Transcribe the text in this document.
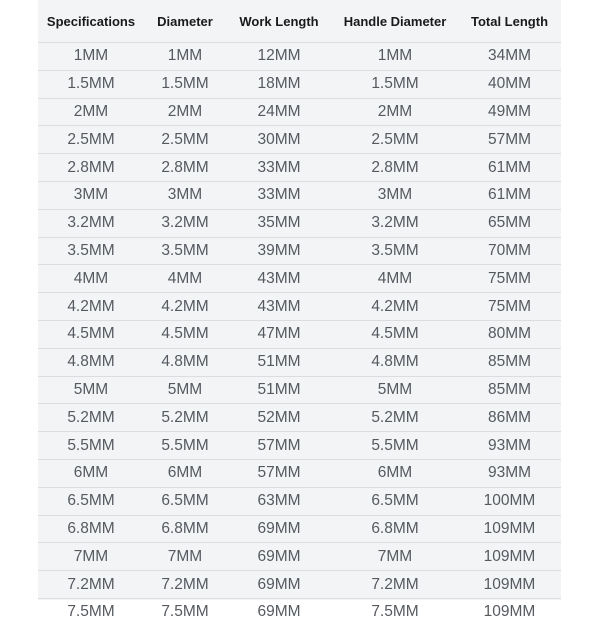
Specifications	Diameter	Work Length	Handle Diameter	Total Length
1MM	1MM	12MM	1MM	34MM
1.5MM	1.5MM	18MM	1.5MM	40MM
2MM	2MM	24MM	2MM	49MM
2.5MM	2.5MM	30MM	2.5MM	57MM
2.8MM	2.8MM	33MM	2.8MM	61MM
3MM	3MM	33MM	3MM	61MM
3.2MM	3.2MM	35MM	3.2MM	65MM
3.5MM	3.5MM	39MM	3.5MM	70MM
4MM	4MM	43MM	4MM	75MM
4.2MM	4.2MM	43MM	4.2MM	75MM
4.5MM	4.5MM	47MM	4.5MM	80MM
4.8MM	4.8MM	51MM	4.8MM	85MM
5MM	5MM	51MM	5MM	85MM
5.2MM	5.2MM	52MM	5.2MM	86MM
5.5MM	5.5MM	57MM	5.5MM	93MM
6MM	6MM	57MM	6MM	93MM
6.5MM	6.5MM	63MM	6.5MM	100MM
6.8MM	6.8MM	69MM	6.8MM	109MM
7MM	7MM	69MM	7MM	109MM
7.2MM	7.2MM	69MM	7.2MM	109MM
7.5MM	7.5MM	69MM	7.5MM	109MM
